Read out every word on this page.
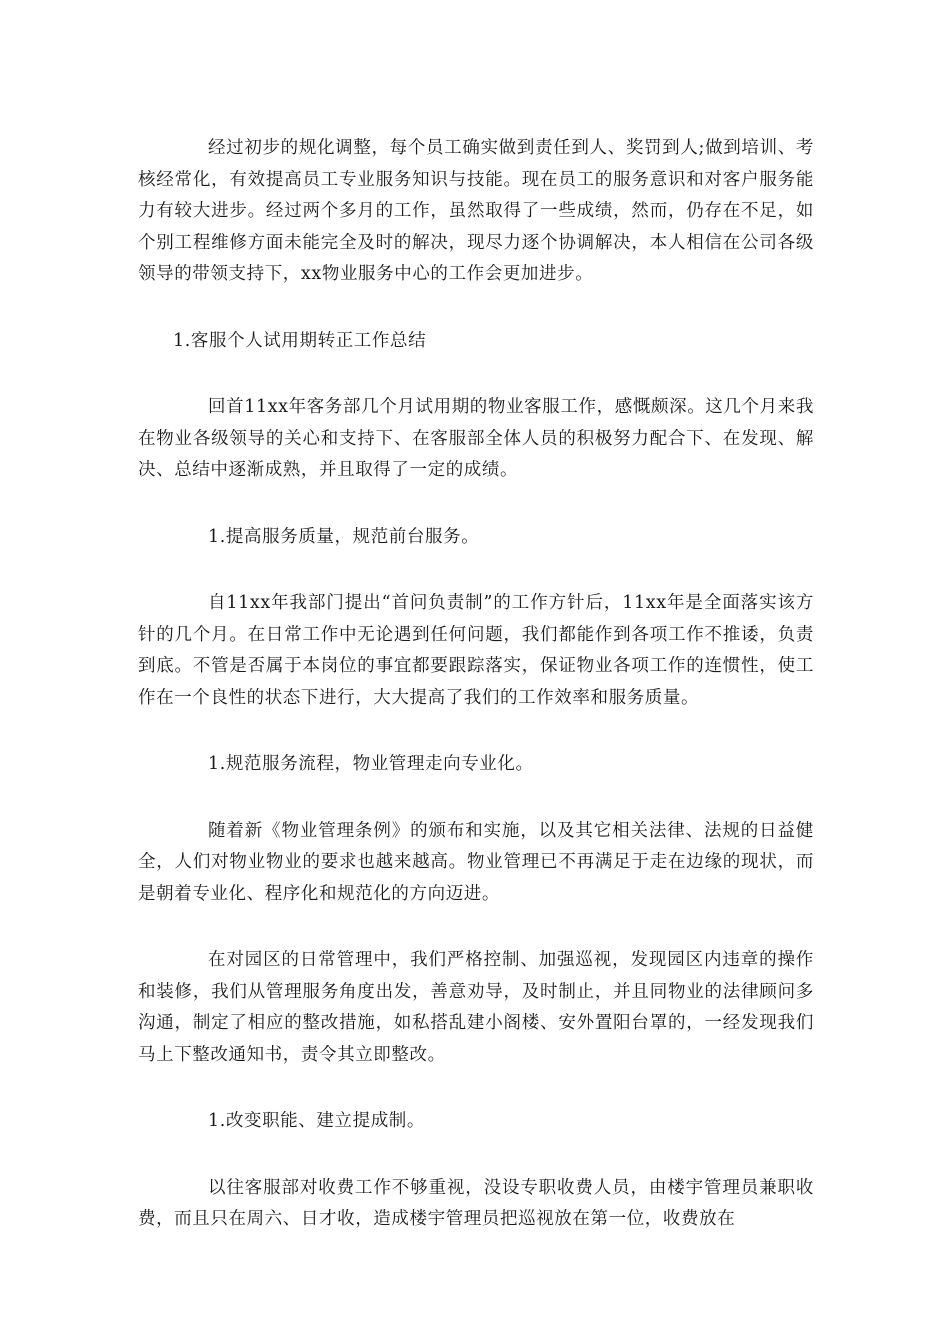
经过初步的规化调整，每个员工确实做到责任到人、奖罚到人;做到培训、考核经常化，有效提高员工专业服务知识与技能。现在员工的服务意识和对客户服务能力有较大进步。经过两个多月的工作，虽然取得了一些成绩，然而，仍存在不足，如个别工程维修方面未能完全及时的解决，现尽力逐个协调解决，本人相信在公司各级领导的带领支持下，xx物业服务中心的工作会更加进步。

1.客服个人试用期转正工作总结

回首11xx年客务部几个月试用期的物业客服工作，感慨颇深。这几个月来我在物业各级领导的关心和支持下、在客服部全体人员的积极努力配合下、在发现、解决、总结中逐渐成熟，并且取得了一定的成绩。

1.提高服务质量，规范前台服务。

自11xx年我部门提出“首问负责制”的工作方针后，11xx年是全面落实该方针的几个月。在日常工作中无论遇到任何问题，我们都能作到各项工作不推诿，负责到底。不管是否属于本岗位的事宜都要跟踪落实，保证物业各项工作的连惯性，使工作在一个良性的状态下进行，大大提高了我们的工作效率和服务质量。

1.规范服务流程，物业管理走向专业化。

随着新《物业管理条例》的颁布和实施，以及其它相关法律、法规的日益健全，人们对物业物业的要求也越来越高。物业管理已不再满足于走在边缘的现状，而是朝着专业化、程序化和规范化的方向迈进。

在对园区的日常管理中，我们严格控制、加强巡视，发现园区内违章的操作和装修，我们从管理服务角度出发，善意劝导，及时制止，并且同物业的法律顾问多沟通，制定了相应的整改措施，如私搭乱建小阁楼、安外置阳台罩的，一经发现我们马上下整改通知书，责令其立即整改。

1.改变职能、建立提成制。

以往客服部对收费工作不够重视，没设专职收费人员，由楼宇管理员兼职收费，而且只在周六、日才收，造成楼宇管理员把巡视放在第一位，收费放在
